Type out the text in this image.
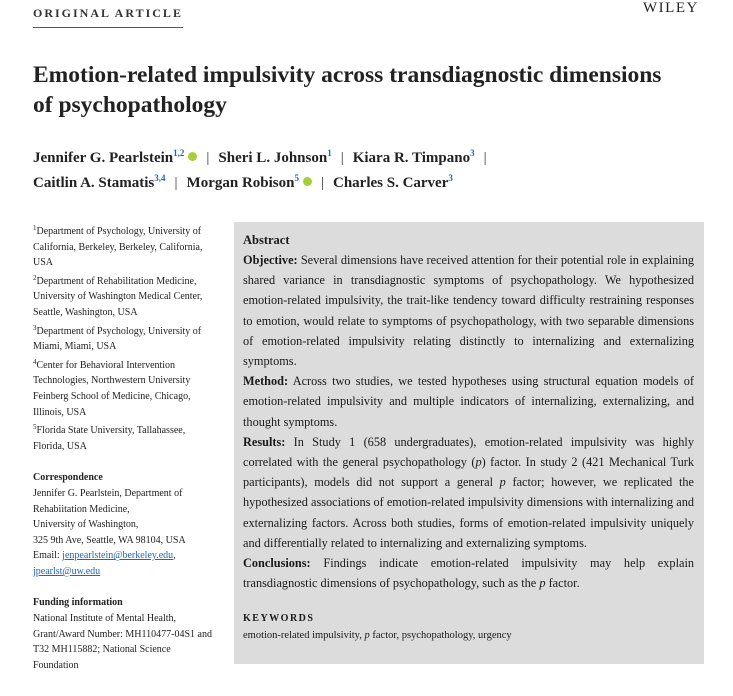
ORIGINAL ARTICLE	WILEY
Emotion-related impulsivity across transdiagnostic dimensions of psychopathology
Jennifer G. Pearlstein$^{1,2}$ iD | Sheri L. Johnson$^1$ | Kiara R. Timpano$^3$ |
Caitlin A. Stamatis$^{3,4}$ | Morgan Robison$^5$ iD | Charles S. Carver$^3$
$^1$Department of Psychology, University of California, Berkeley, Berkeley, California, USA
$^2$Department of Rehabilitation Medicine, University of Washington Medical Center, Seattle, Washington, USA
$^3$Department of Psychology, University of Miami, Miami, USA
$^4$Center for Behavioral Intervention Technologies, Northwestern University Feinberg School of Medicine, Chicago, Illinois, USA
$^5$Florida State University, Tallahassee, Florida, USA
Correspondence
Jennifer G. Pearlstein, Department of Rehabiitation Medicine,
University of Washington,
325 9th Ave, Seattle, WA 98104, USA
Email: jenpearlstein@berkeley.edu,
jpearlst@uw.edu
Funding information
National Institute of Mental Health, Grant/Award Number: MH110477-04S1 and T32 MH115882; National Science Foundation
Abstract

Objective: Several dimensions have received attention for their potential role in explaining shared variance in transdiagnostic symptoms of psychopathology. We hypothesized emotion-related impulsivity, the trait-like tendency toward difficulty restraining responses to emotion, would relate to symptoms of psychopathology, with two separable dimensions of emotion-related impulsivity relating distinctly to internalizing and externalizing symptoms.

Method: Across two studies, we tested hypotheses using structural equation models of emotion-related impulsivity and multiple indicators of internalizing, externalizing, and thought symptoms.

Results: In Study 1 (658 undergraduates), emotion-related impulsivity was highly correlated with the general psychopathology (p) factor. In study 2 (421 Mechanical Turk participants), models did not support a general p factor; however, we replicated the hypothesized associations of emotion-related impulsivity dimensions with internalizing and externalizing factors. Across both studies, forms of emotion-related impulsivity uniquely and differentially related to internalizing and externalizing symptoms.

Conclusions: Findings indicate emotion-related impulsivity may help explain transdiagnostic dimensions of psychopathology, such as the p factor.

KEYWORDS
emotion-related impulsivity, p factor, psychopathology, urgency
